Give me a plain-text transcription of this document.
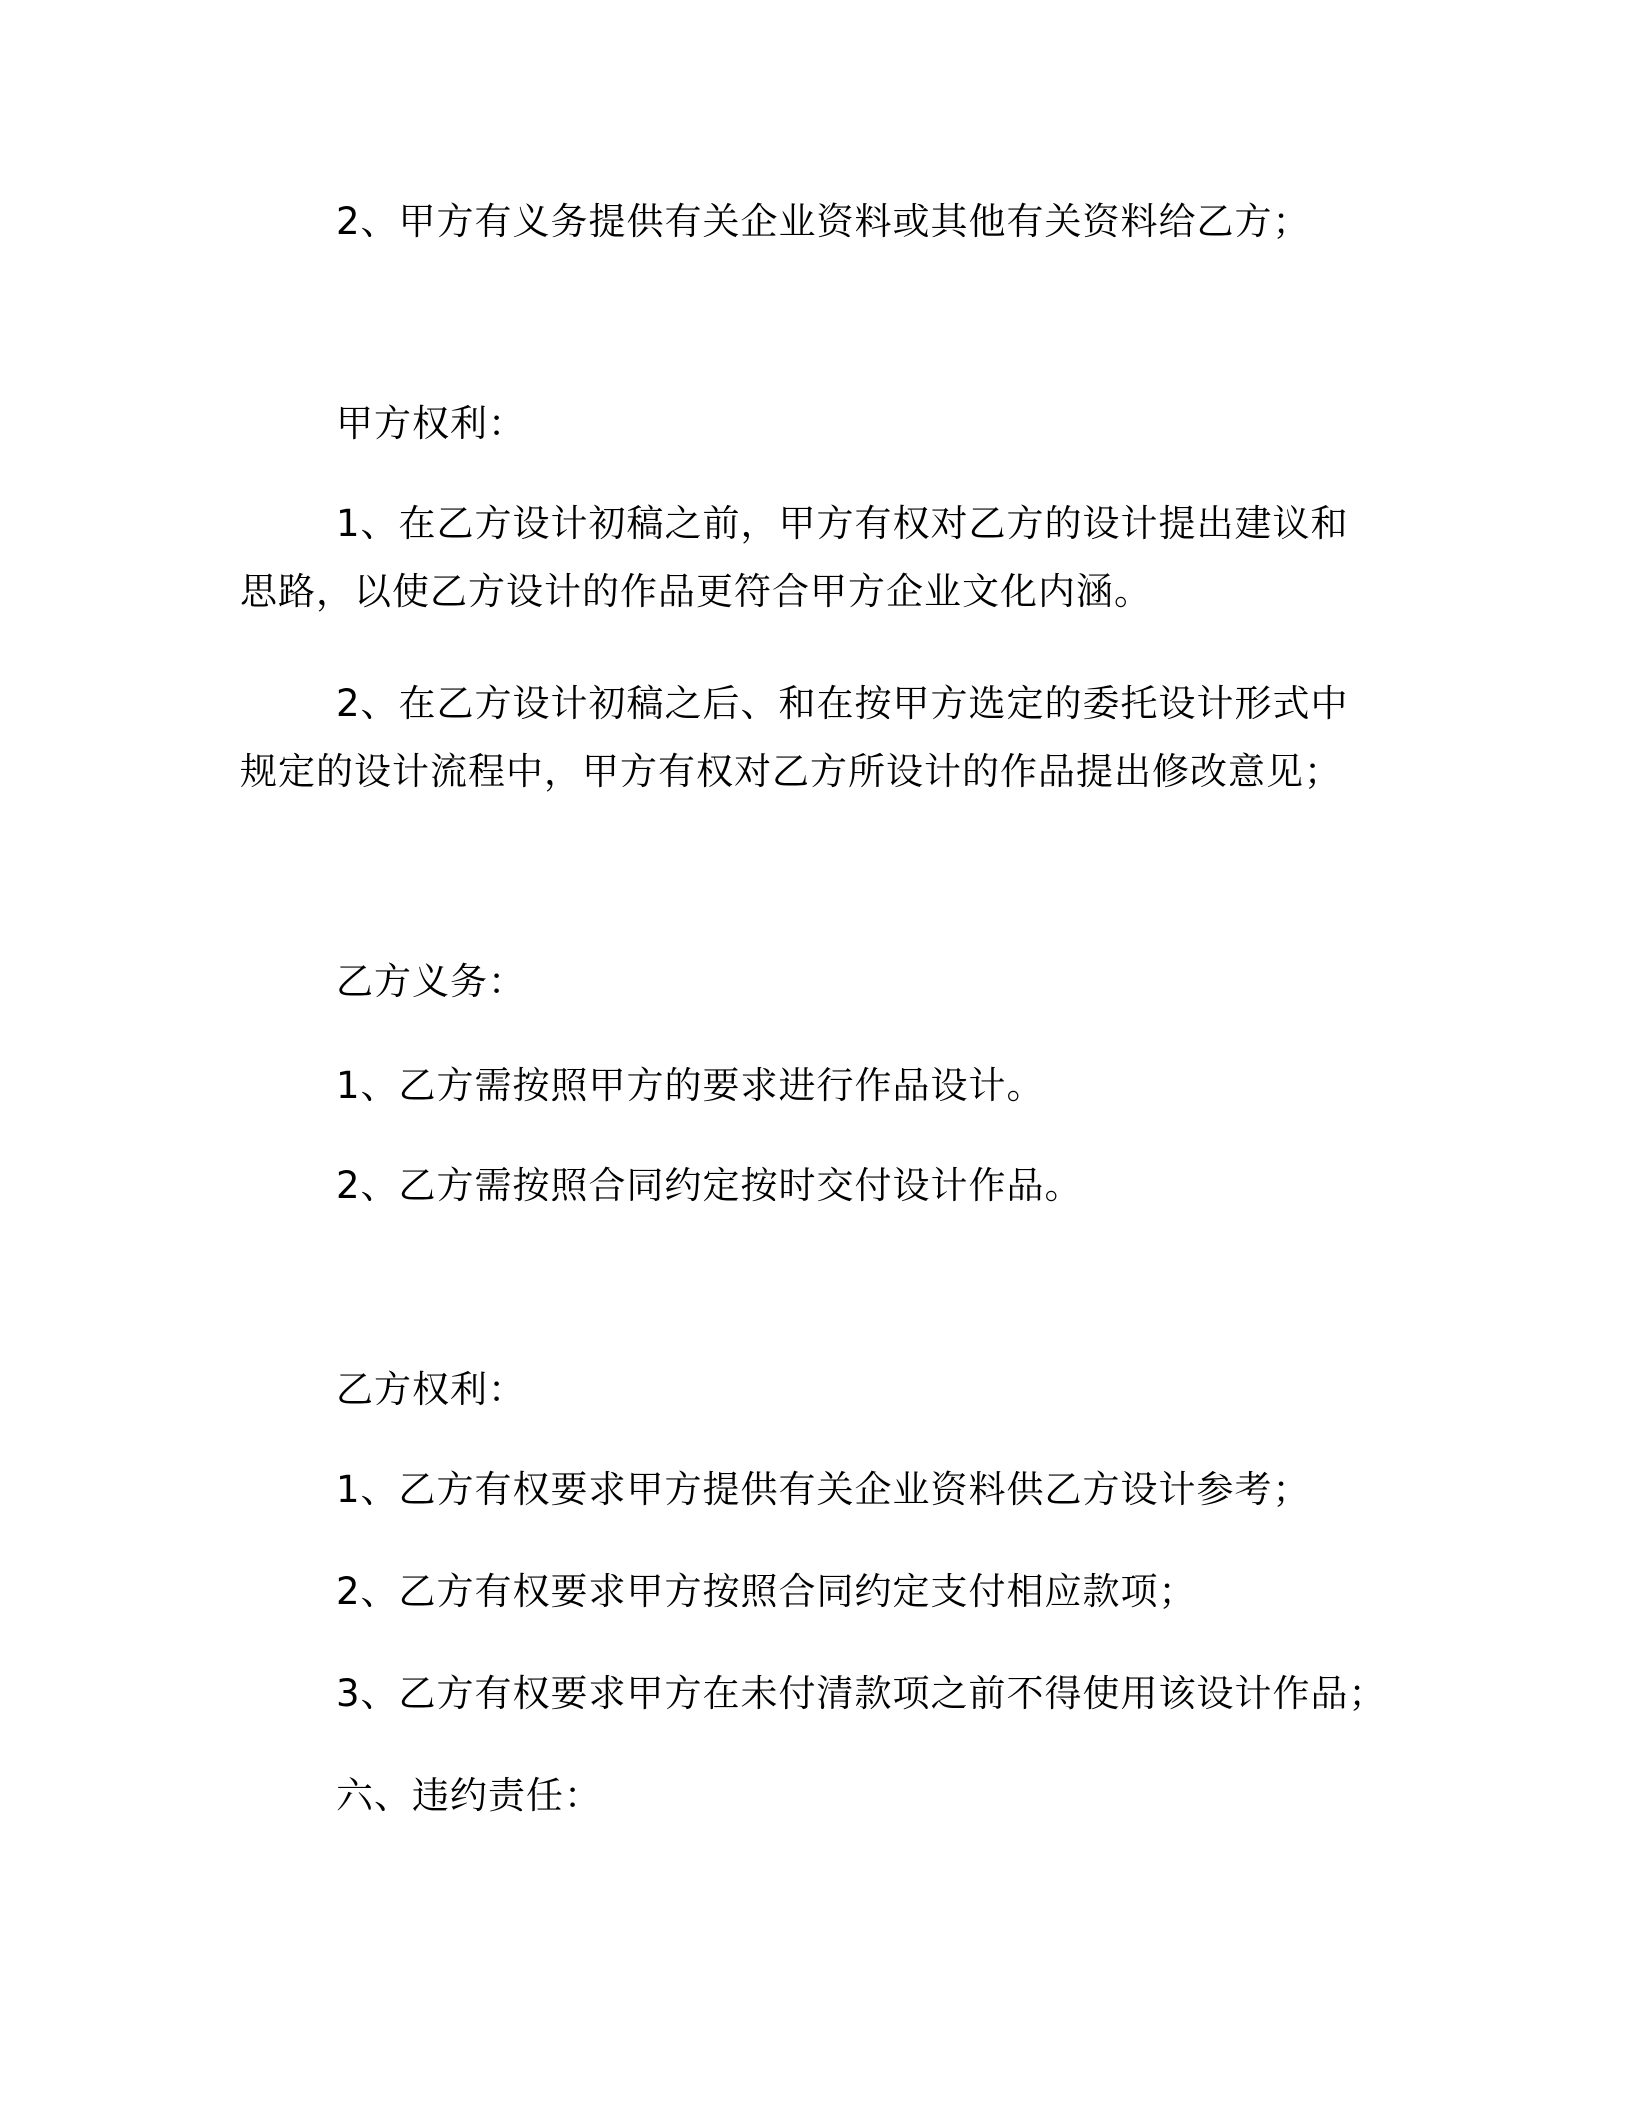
2、甲方有义务提供有关企业资料或其他有关资料给乙方；

甲方权利：

1、在乙方设计初稿之前，甲方有权对乙方的设计提出建议和思路，以使乙方设计的作品更符合甲方企业文化内涵。

2、在乙方设计初稿之后、和在按甲方选定的委托设计形式中规定的设计流程中，甲方有权对乙方所设计的作品提出修改意见；

乙方义务：

1、乙方需按照甲方的要求进行作品设计。

2、乙方需按照合同约定按时交付设计作品。

乙方权利：

1、乙方有权要求甲方提供有关企业资料供乙方设计参考；

2、乙方有权要求甲方按照合同约定支付相应款项；

3、乙方有权要求甲方在未付清款项之前不得使用该设计作品；

六、违约责任：
